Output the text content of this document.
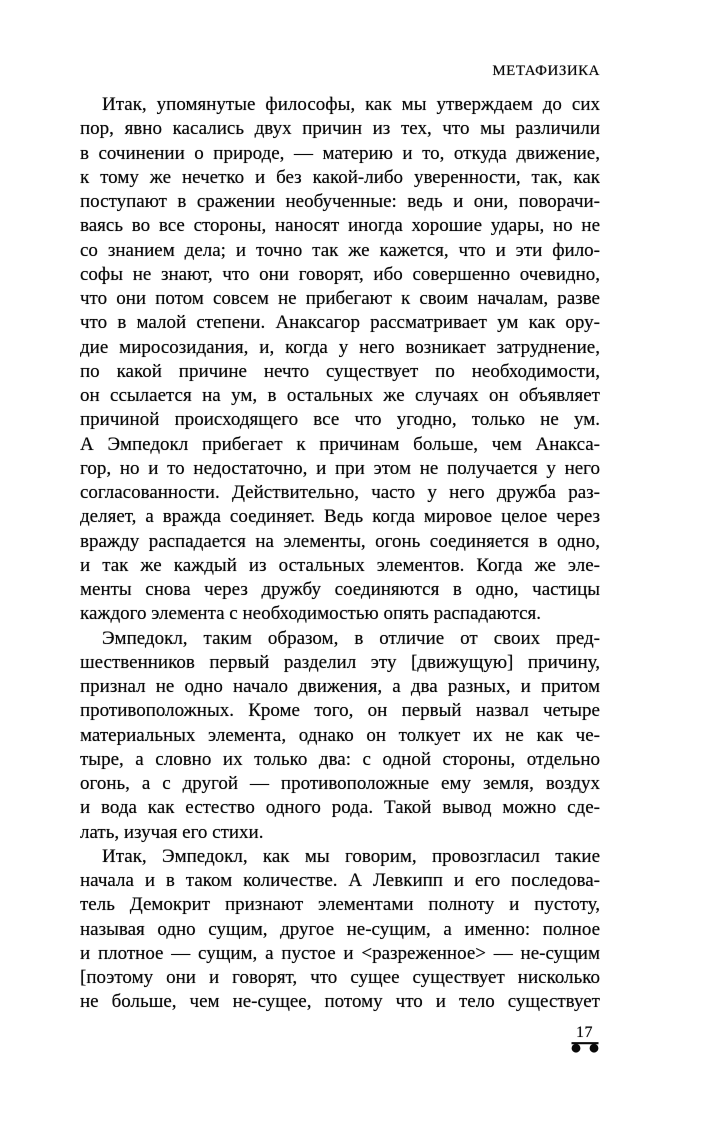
МЕТАФИЗИКА
Итак, упомянутые философы, как мы утверждаем до сих
пор, явно касались двух причин из тех, что мы различили
в сочинении о природе, — материю и то, откуда движение,
к тому же нечетко и без какой-либо уверенности, так, как
поступают в сражении необученные: ведь и они, поворачи-
ваясь во все стороны, наносят иногда хорошие удары, но не
со знанием дела; и точно так же кажется, что и эти фило-
софы не знают, что они говорят, ибо совершенно очевидно,
что они потом совсем не прибегают к своим началам, разве
что в малой степени. Анаксагор рассматривает ум как ору-
дие миросозидания, и, когда у него возникает затруднение,
по какой причине нечто существует по необходимости,
он ссылается на ум, в остальных же случаях он объявляет
причиной происходящего все что угодно, только не ум.
А Эмпедокл прибегает к причинам больше, чем Анакса-
гор, но и то недостаточно, и при этом не получается у него
согласованности. Действительно, часто у него дружба раз-
деляет, а вражда соединяет. Ведь когда мировое целое через
вражду распадается на элементы, огонь соединяется в одно,
и так же каждый из остальных элементов. Когда же эле-
менты снова через дружбу соединяются в одно, частицы
каждого элемента с необходимостью опять распадаются.
Эмпедокл, таким образом, в отличие от своих пред-
шественников первый разделил эту [движущую] причину,
признал не одно начало движения, а два разных, и притом
противоположных. Кроме того, он первый назвал четыре
материальных элемента, однако он толкует их не как че-
тыре, а словно их только два: с одной стороны, отдельно
огонь, а с другой — противоположные ему земля, воздух
и вода как естество одного рода. Такой вывод можно сде-
лать, изучая его стихи.
Итак, Эмпедокл, как мы говорим, провозгласил такие
начала и в таком количестве. А Левкипп и его последова-
тель Демокрит признают элементами полноту и пустоту,
называя одно сущим, другое не-сущим, а именно: полное
и плотное — сущим, а пустое и <разреженное> — не-сущим
[поэтому они и говорят, что сущее существует нисколько
не больше, чем не-сущее, потому что и тело существует
17
